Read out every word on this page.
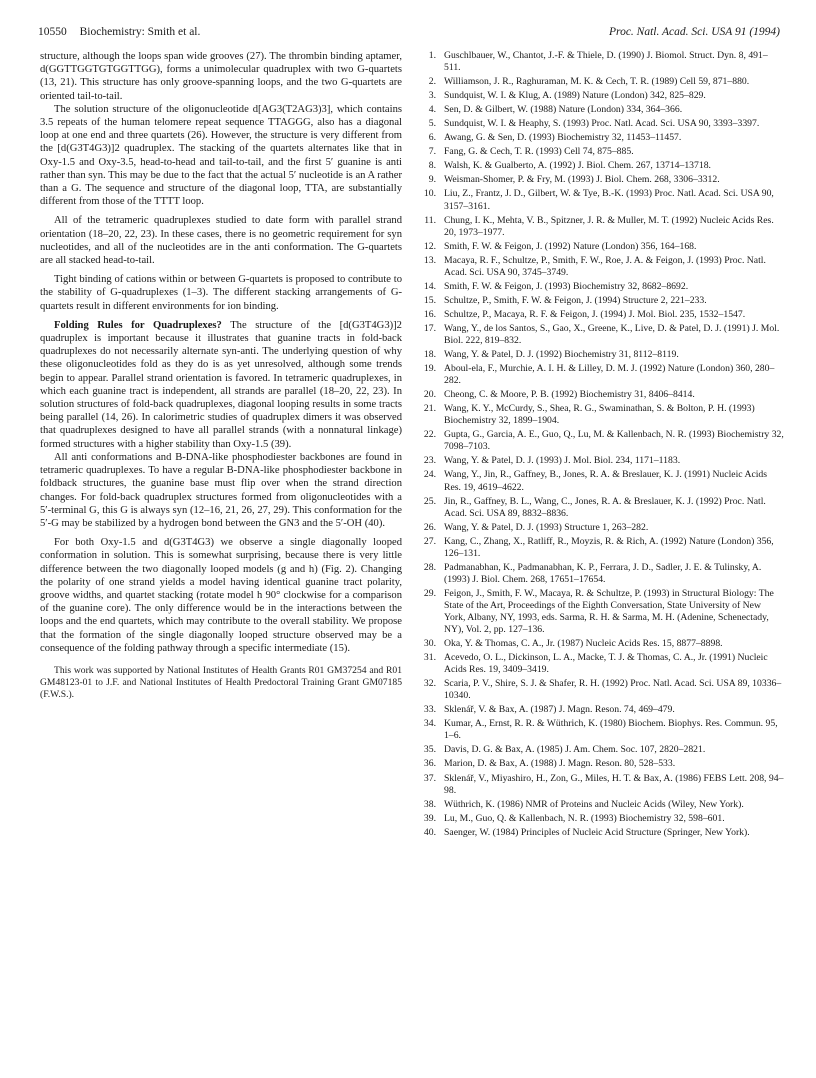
10550 Biochemistry: Smith et al.	Proc. Natl. Acad. Sci. USA 91 (1994)

structure, although the loops span wide grooves (27). The thrombin binding aptamer, d(GGTTGGTGTGGTTGG), forms a unimolecular quadruplex with two G-quartets (13, 21). This structure has only groove-spanning loops, and the two G-quartets are oriented tail-to-tail.

The solution structure of the oligonucleotide d[AG3(T2AG3)3], which contains 3.5 repeats of the human telomere repeat sequence TTAGGG, also has a diagonal loop at one end and three quartets (26). However, the structure is very different from the [d(G3T4G3)]2 quadruplex. The stacking of the quartets alternates like that in Oxy-1.5 and Oxy-3.5, head-to-head and tail-to-tail, and the first 5′ guanine is anti rather than syn. This may be due to the fact that the actual 5′ nucleotide is an A rather than a G. The sequence and structure of the diagonal loop, TTA, are substantially different from those of the TTTT loop.

All of the tetrameric quadruplexes studied to date form with parallel strand orientation (18–20, 22, 23). In these cases, there is no geometric requirement for syn nucleotides, and all of the nucleotides are in the anti conformation. The G-quartets are all stacked head-to-tail.

Tight binding of cations within or between G-quartets is proposed to contribute to the stability of G-quadruplexes (1–3). The different stacking arrangements of G-quartets result in different environments for ion binding.

Folding Rules for Quadruplexes? The structure of the [d(G3T4G3)]2 quadruplex is important because it illustrates that guanine tracts in fold-back quadruplexes do not necessarily alternate syn-anti. The underlying question of why these oligonucleotides fold as they do is as yet unresolved, although some trends begin to appear. Parallel strand orientation is favored. In tetrameric quadruplexes, in which each guanine tract is independent, all strands are parallel (18–20, 22, 23). In solution structures of fold-back quadruplexes, diagonal looping results in some tracts being parallel (14, 26). In calorimetric studies of quadruplex dimers it was observed that quadruplexes designed to have all parallel strands (with a nonnatural linkage) formed structures with a higher stability than Oxy-1.5 (39).

All anti conformations and B-DNA-like phosphodiester backbones are found in tetrameric quadruplexes. To have a regular B-DNA-like phosphodiester backbone in foldback structures, the guanine base must flip over when the strand direction changes. For fold-back quadruplex structures formed from oligonucleotides with a 5′-terminal G, this G is always syn (12–16, 21, 26, 27, 29). This conformation for the 5′-G may be stabilized by a hydrogen bond between the GN3 and the 5′-OH (40).

For both Oxy-1.5 and d(G3T4G3) we observe a single diagonally looped conformation in solution. This is somewhat surprising, because there is very little difference between the two diagonally looped models (g and h) (Fig. 2). Changing the polarity of one strand yields a model having identical guanine tract polarity, groove widths, and quartet stacking (rotate model h 90° clockwise for a comparison of the guanine core). The only difference would be in the interactions between the loops and the end quartets, which may contribute to the overall stability. We propose that the formation of the single diagonally looped structure observed may be a consequence of the folding pathway through a specific intermediate (15).

This work was supported by National Institutes of Health Grants R01 GM37254 and R01 GM48123-01 to J.F. and National Institutes of Health Predoctoral Training Grant GM07185 (F.W.S.).

1. Guschlbauer, W., Chantot, J.-F. & Thiele, D. (1990) J. Biomol. Struct. Dyn. 8, 491–511.
2. Williamson, J. R., Raghuraman, M. K. & Cech, T. R. (1989) Cell 59, 871–880.
3. Sundquist, W. I. & Klug, A. (1989) Nature (London) 342, 825–829.
4. Sen, D. & Gilbert, W. (1988) Nature (London) 334, 364–366.
5. Sundquist, W. I. & Heaphy, S. (1993) Proc. Natl. Acad. Sci. USA 90, 3393–3397.
6. Awang, G. & Sen, D. (1993) Biochemistry 32, 11453–11457.
7. Fang, G. & Cech, T. R. (1993) Cell 74, 875–885.
8. Walsh, K. & Gualberto, A. (1992) J. Biol. Chem. 267, 13714–13718.
9. Weisman-Shomer, P. & Fry, M. (1993) J. Biol. Chem. 268, 3306–3312.
10. Liu, Z., Frantz, J. D., Gilbert, W. & Tye, B.-K. (1993) Proc. Natl. Acad. Sci. USA 90, 3157–3161.
11. Chung, I. K., Mehta, V. B., Spitzner, J. R. & Muller, M. T. (1992) Nucleic Acids Res. 20, 1973–1977.
12. Smith, F. W. & Feigon, J. (1992) Nature (London) 356, 164–168.
13. Macaya, R. F., Schultze, P., Smith, F. W., Roe, J. A. & Feigon, J. (1993) Proc. Natl. Acad. Sci. USA 90, 3745–3749.
14. Smith, F. W. & Feigon, J. (1993) Biochemistry 32, 8682–8692.
15. Schultze, P., Smith, F. W. & Feigon, J. (1994) Structure 2, 221–233.
16. Schultze, P., Macaya, R. F. & Feigon, J. (1994) J. Mol. Biol. 235, 1532–1547.
17. Wang, Y., de los Santos, S., Gao, X., Greene, K., Live, D. & Patel, D. J. (1991) J. Mol. Biol. 222, 819–832.
18. Wang, Y. & Patel, D. J. (1992) Biochemistry 31, 8112–8119.
19. Aboul-ela, F., Murchie, A. I. H. & Lilley, D. M. J. (1992) Nature (London) 360, 280–282.
20. Cheong, C. & Moore, P. B. (1992) Biochemistry 31, 8406–8414.
21. Wang, K. Y., McCurdy, S., Shea, R. G., Swaminathan, S. & Bolton, P. H. (1993) Biochemistry 32, 1899–1904.
22. Gupta, G., Garcia, A. E., Guo, Q., Lu, M. & Kallenbach, N. R. (1993) Biochemistry 32, 7098–7103.
23. Wang, Y. & Patel, D. J. (1993) J. Mol. Biol. 234, 1171–1183.
24. Wang, Y., Jin, R., Gaffney, B., Jones, R. A. & Breslauer, K. J. (1991) Nucleic Acids Res. 19, 4619–4622.
25. Jin, R., Gaffney, B. L., Wang, C., Jones, R. A. & Breslauer, K. J. (1992) Proc. Natl. Acad. Sci. USA 89, 8832–8836.
26. Wang, Y. & Patel, D. J. (1993) Structure 1, 263–282.
27. Kang, C., Zhang, X., Ratliff, R., Moyzis, R. & Rich, A. (1992) Nature (London) 356, 126–131.
28. Padmanabhan, K., Padmanabhan, K. P., Ferrara, J. D., Sadler, J. E. & Tulinsky, A. (1993) J. Biol. Chem. 268, 17651–17654.
29. Feigon, J., Smith, F. W., Macaya, R. & Schultze, P. (1993) in Structural Biology: The State of the Art, Proceedings of the Eighth Conversation, State University of New York, Albany, NY, 1993, eds. Sarma, R. H. & Sarma, M. H. (Adenine, Schenectady, NY), Vol. 2, pp. 127–136.
30. Oka, Y. & Thomas, C. A., Jr. (1987) Nucleic Acids Res. 15, 8877–8898.
31. Acevedo, O. L., Dickinson, L. A., Macke, T. J. & Thomas, C. A., Jr. (1991) Nucleic Acids Res. 19, 3409–3419.
32. Scaria, P. V., Shire, S. J. & Shafer, R. H. (1992) Proc. Natl. Acad. Sci. USA 89, 10336–10340.
33. Sklenář, V. & Bax, A. (1987) J. Magn. Reson. 74, 469–479.
34. Kumar, A., Ernst, R. R. & Wüthrich, K. (1980) Biochem. Biophys. Res. Commun. 95, 1–6.
35. Davis, D. G. & Bax, A. (1985) J. Am. Chem. Soc. 107, 2820–2821.
36. Marion, D. & Bax, A. (1988) J. Magn. Reson. 80, 528–533.
37. Sklenář, V., Miyashiro, H., Zon, G., Miles, H. T. & Bax, A. (1986) FEBS Lett. 208, 94–98.
38. Wüthrich, K. (1986) NMR of Proteins and Nucleic Acids (Wiley, New York).
39. Lu, M., Guo, Q. & Kallenbach, N. R. (1993) Biochemistry 32, 598–601.
40. Saenger, W. (1984) Principles of Nucleic Acid Structure (Springer, New York).
